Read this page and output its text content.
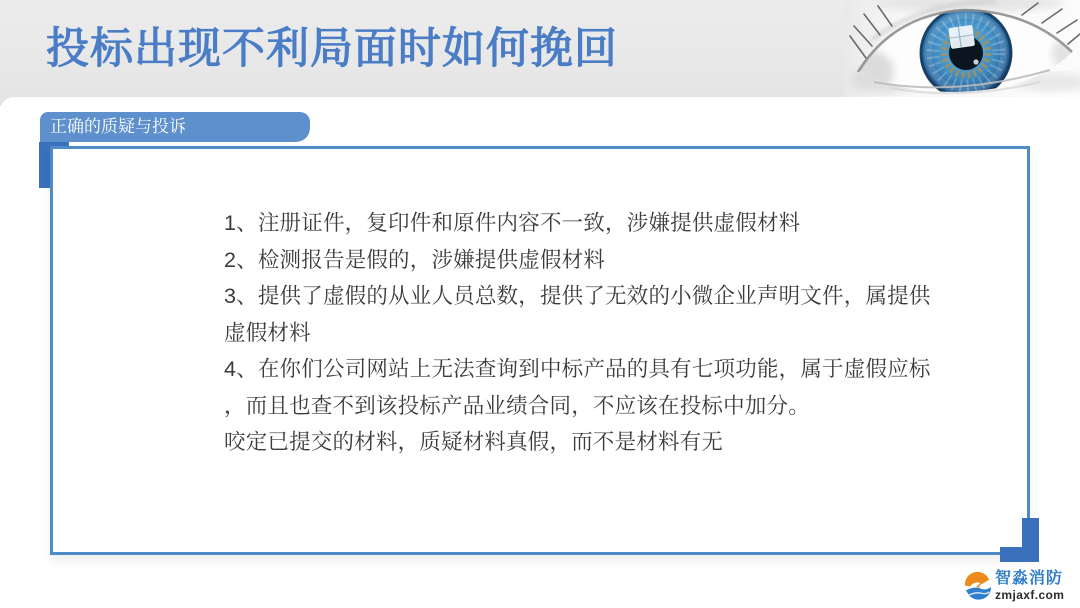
投标出现不利局面时如何挽回
正确的质疑与投诉
1、注册证件，复印件和原件内容不一致，涉嫌提供虚假材料
2、检测报告是假的，涉嫌提供虚假材料
3、提供了虚假的从业人员总数，提供了无效的小微企业声明文件，属提供
虚假材料
4、在你们公司网站上无法查询到中标产品的具有七项功能，属于虚假应标
，而且也查不到该投标产品业绩合同，不应该在投标中加分。
咬定已提交的材料，质疑材料真假，而不是材料有无
智淼消防
zmjaxf.com
